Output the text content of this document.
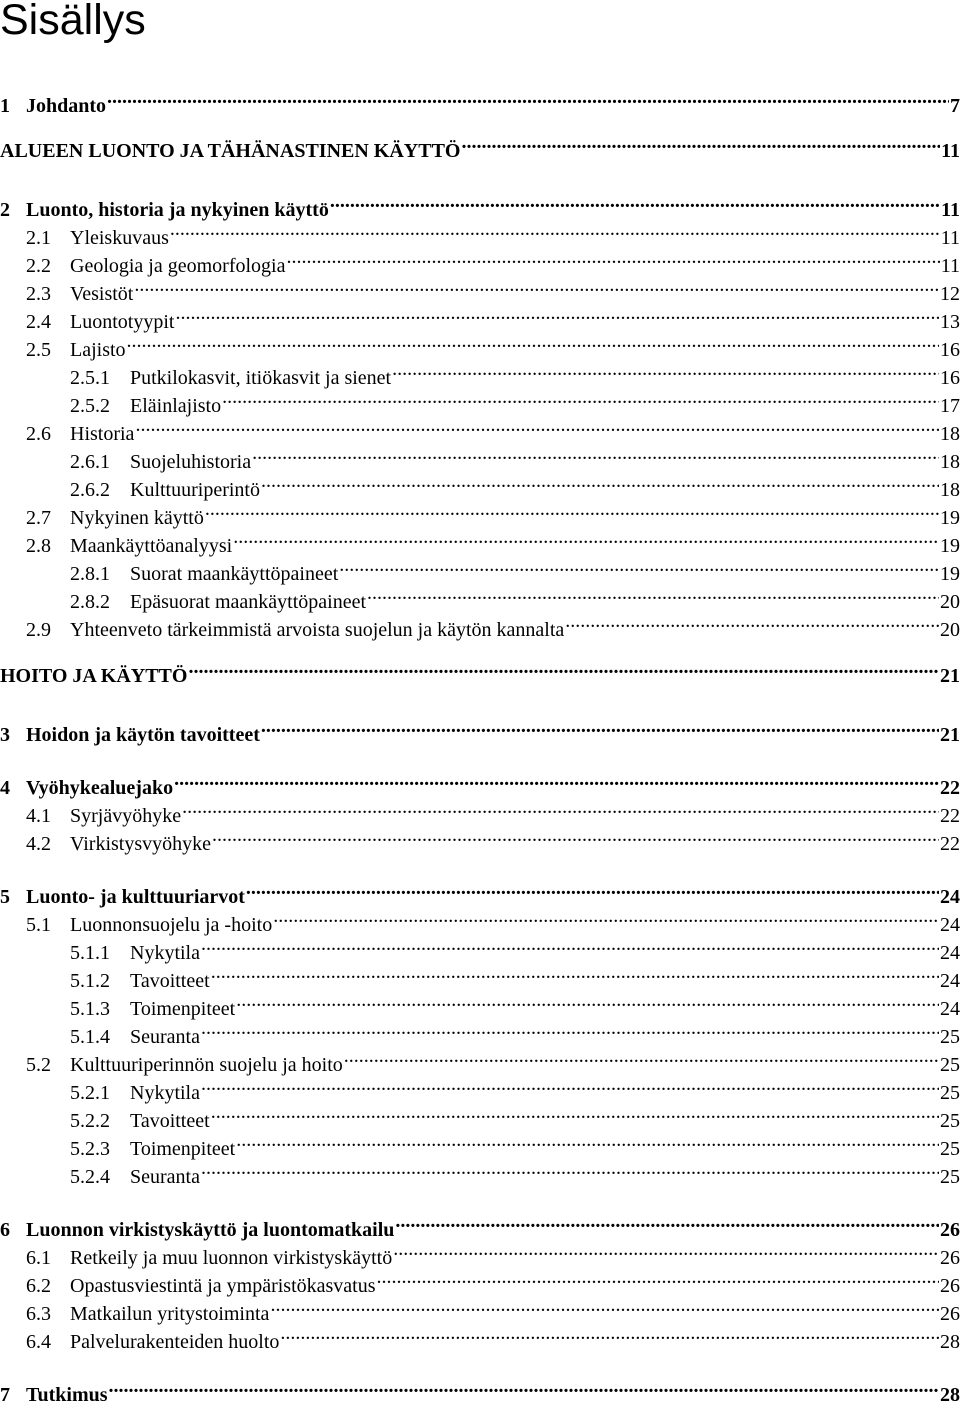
Sisällys
1 Johdanto .....	7
ALUEEN LUONTO JA TÄHÄNASTINEN KÄYTTÖ .....	11
2 Luonto, historia ja nykyinen käyttö .....	11
2.1 Yleiskuvaus .....	11
2.2 Geologia ja geomorfologia .....	11
2.3 Vesistöt .....	12
2.4 Luontotyypit .....	13
2.5 Lajisto .....	16
2.5.1	Putkilokasvit, itiökasvit ja sienet .....	16
2.5.2	Eläinlajisto .....	17
2.6 Historia .....	18
2.6.1	Suojeluhistoria .....	18
2.6.2	Kulttuuriperintö .....	18
2.7 Nykyinen käyttö .....	19
2.8 Maankäyttöanalyysi .....	19
2.8.1	Suorat maankäyttöpaineet .....	19
2.8.2	Epäsuorat maankäyttöpaineet .....	20
2.9 Yhteenveto tärkeimmistä arvoista suojelun ja käytön kannalta .....	20
HOITO JA KÄYTTÖ .....	21
3 Hoidon ja käytön tavoitteet .....	21
4 Vyöhykealuejako .....	22
4.1 Syrjävyöhyke .....	22
4.2 Virkistysvyöhyke .....	22
5 Luonto- ja kulttuuriarvot .....	24
5.1 Luonnonsuojelu ja -hoito .....	24
5.1.1	Nykytila .....	24
5.1.2	Tavoitteet .....	24
5.1.3	Toimenpiteet .....	24
5.1.4	Seuranta .....	25
5.2 Kulttuuriperinnön suojelu ja hoito .....	25
5.2.1	Nykytila .....	25
5.2.2	Tavoitteet .....	25
5.2.3	Toimenpiteet .....	25
5.2.4	Seuranta .....	25
6 Luonnon virkistyskäyttö ja luontomatkailu .....	26
6.1 Retkeily ja muu luonnon virkistyskäyttö .....	26
6.2 Opastusviestintä ja ympäristökasvatus .....	26
6.3 Matkailun yritystoiminta .....	26
6.4 Palvelurakenteiden huolto .....	28
7 Tutkimus .....	28
